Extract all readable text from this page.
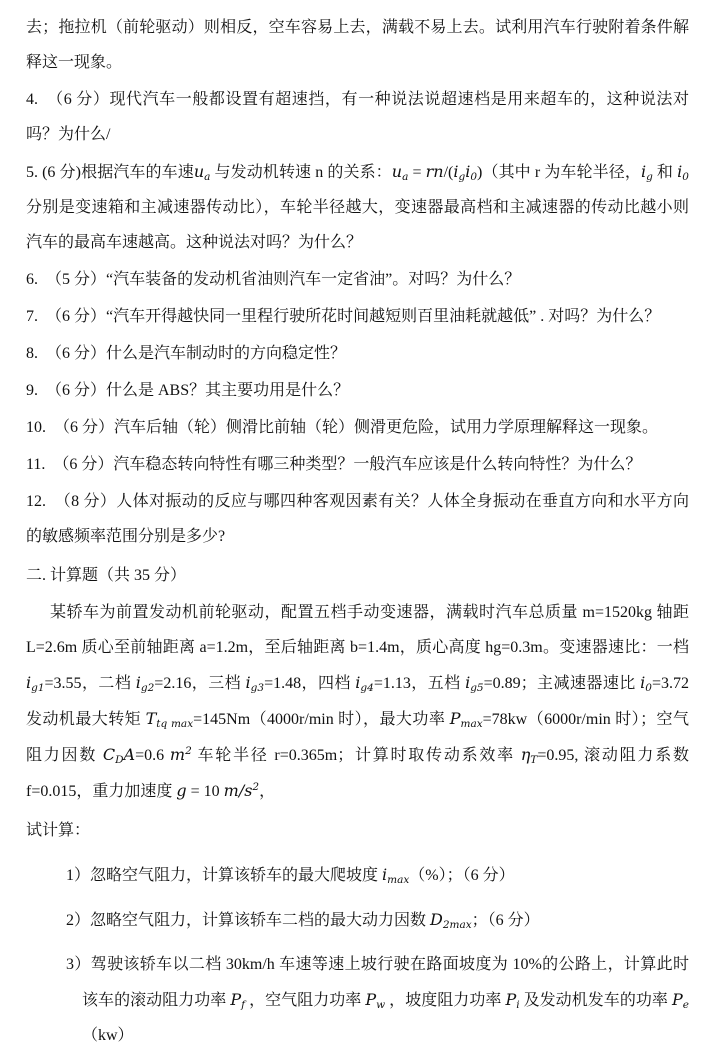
去；拖拉机（前轮驱动）则相反，空车容易上去，满载不易上去。试利用汽车行驶附着条件解释这一现象。

4.　（6 分）现代汽车一般都设置有超速挡，有一种说法说超速档是用来超车的，这种说法对吗？为什么/

5. (6 分)根据汽车的车速$u_a$ 与发动机转速 n 的关系：$u_a = rn/(i_gi_0)$（其中 r 为车轮半径，$i_g$ 和 $i_0$ 分别是变速箱和主减速器传动比），车轮半径越大，变速器最高档和主减速器的传动比越小则汽车的最高车速越高。这种说法对吗？为什么？

6.　（5 分）“汽车装备的发动机省油则汽车一定省油”。对吗？为什么？

7.　（6 分）“汽车开得越快同一里程行驶所花时间越短则百里油耗就越低” . 对吗？为什么？

8.　（6 分）什么是汽车制动时的方向稳定性？

9.　（6 分）什么是 ABS？其主要功用是什么？

10.　（6 分）汽车后轴（轮）侧滑比前轴（轮）侧滑更危险，试用力学原理解释这一现象。

11.　（6 分）汽车稳态转向特性有哪三种类型？一般汽车应该是什么转向特性？为什么？

12.　（8 分）人体对振动的反应与哪四种客观因素有关？人体全身振动在垂直方向和水平方向的敏感频率范围分别是多少?

二. 计算题（共 35 分）

某轿车为前置发动机前轮驱动，配置五档手动变速器，满载时汽车总质量 m=1520kg 轴距 L=2.6m 质心至前轴距离 a=1.2m，至后轴距离 b=1.4m，质心高度 hg=0.3m。变速器速比：一档 $i_{g1}=3.55$，二档 $i_{g2}=2.16$，三档 $i_{g3}=1.48$，四档 $i_{g4}=1.13$，五档 $i_{g5}=0.89$；主减速器速比 $i_0=3.72$ 发动机最大转矩 $T_{tq max}=145Nm(4000r/\min$ 时），最大功率 $P_{max}=78kw(6000r/\min$ 时）；空气阻力因数 $C_DA=0.6$ $m^2$ 车轮半径 r=0.365m；计算时取传动系效率 $\eta_T=0.95$, 滚动阻力系数 f=0.015，重力加速度 g = 10 $m/s^2$，

试计算：

1）忽略空气阻力，计算该轿车的最大爬坡度 $i_{max}(\%)$；（6 分）

2）忽略空气阻力，计算该轿车二档的最大动力因数 $D_{2max}$；（6 分）

3）驾驶该轿车以二档 30km/h 车速等速上坡行驶在路面坡度为 10%的公路上，计算此时该车的滚动阻力功率 $P_f$ ，空气阻力功率 $P_w$ ，坡度阻力功率 $P_i$ 及发动机发车的功率 $P_e(kw)$
